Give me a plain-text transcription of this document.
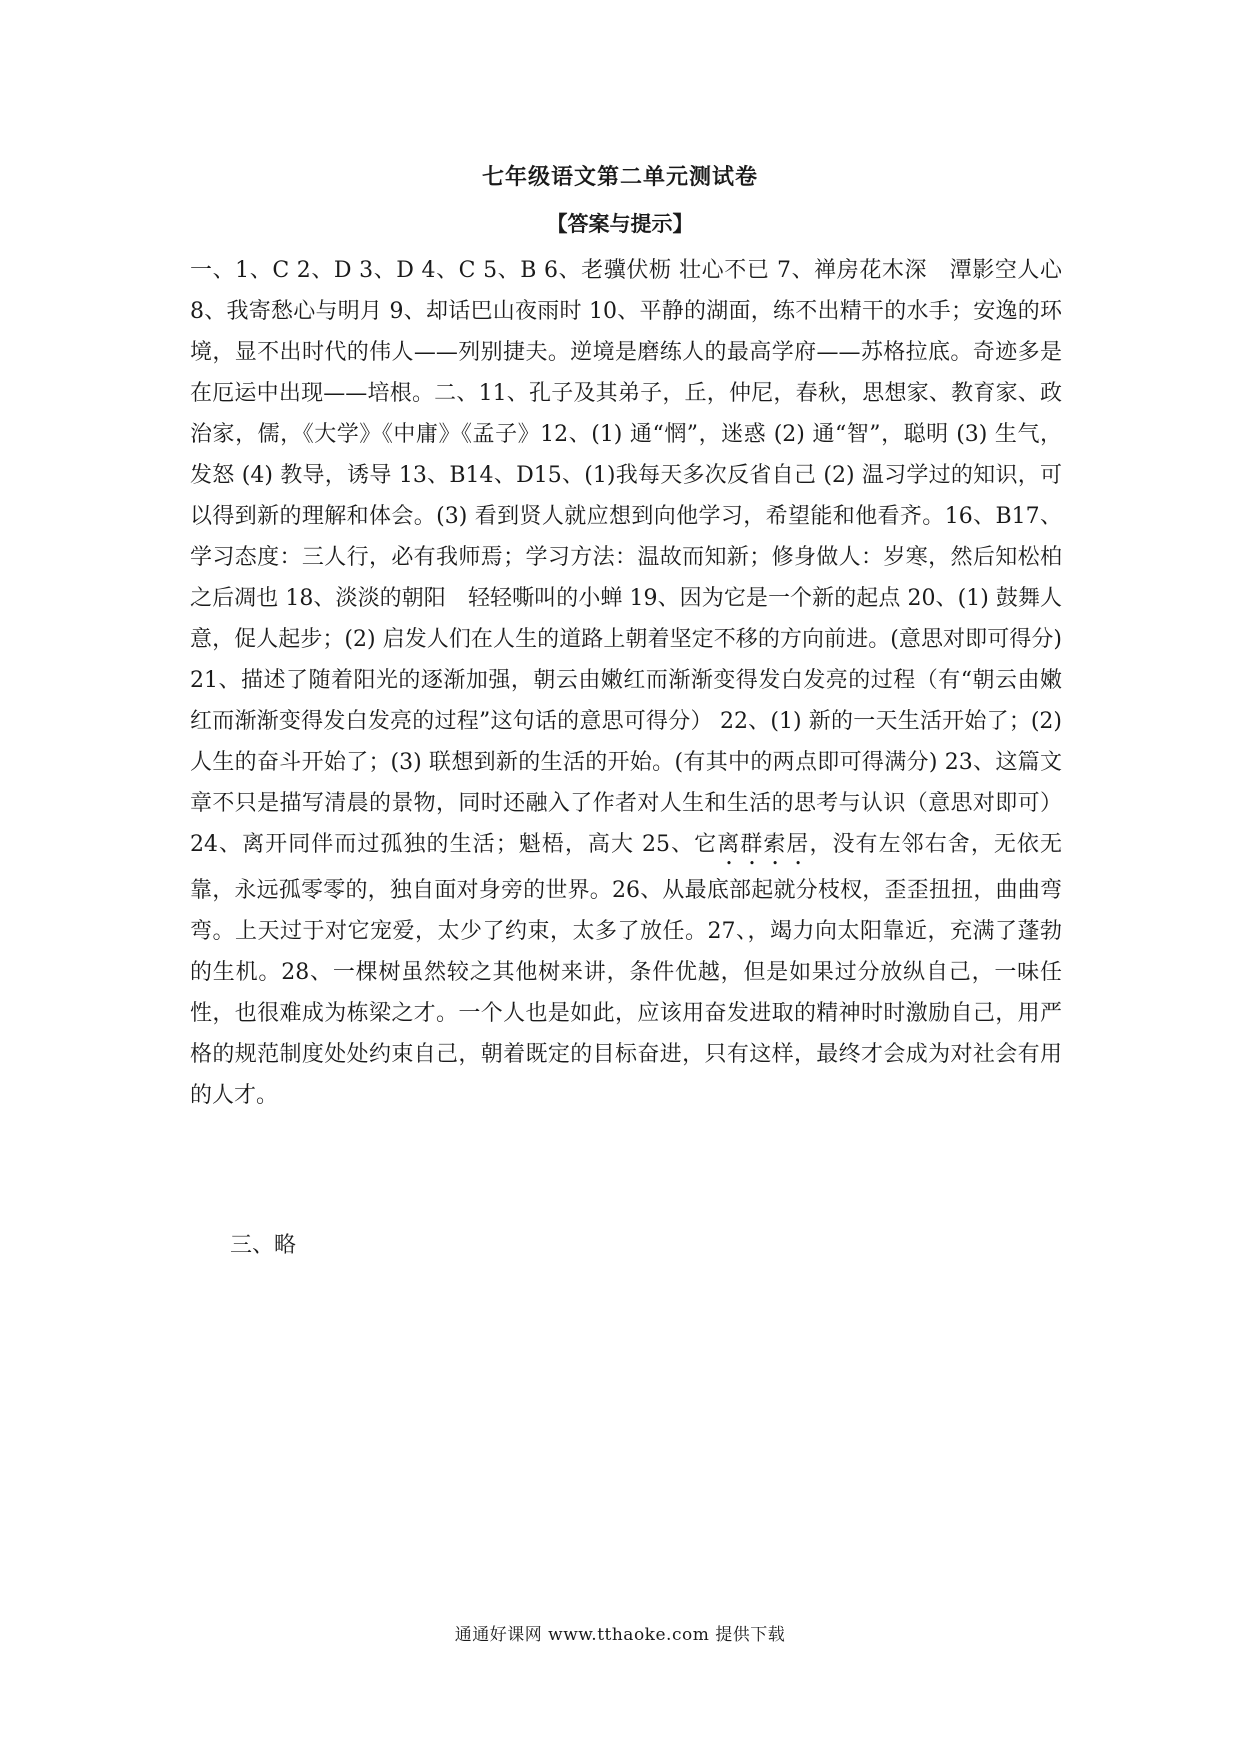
七年级语文第二单元测试卷
【答案与提示】

一、1、C 2、D 3、D 4、C 5、B 6、老骥伏枥 壮心不已 7、禅房花木深　潭影空人心 8、我寄愁心与明月 9、却话巴山夜雨时 10、平静的湖面，练不出精干的水手；安逸的环境，显不出时代的伟人——列别捷夫。逆境是磨练人的最高学府——苏格拉底。奇迹多是在厄运中出现——培根。二、11、孔子及其弟子，丘，仲尼，春秋，思想家、教育家、政治家，儒，《大学》《中庸》《孟子》12、(1) 通“惘”，迷惑 (2) 通“智”，聪明 (3) 生气，发怒 (4) 教导，诱导 13、B14、D15、(1)我每天多次反省自己 (2) 温习学过的知识，可以得到新的理解和体会。(3) 看到贤人就应想到向他学习，希望能和他看齐。16、B17、学习态度：三人行，必有我师焉；学习方法：温故而知新；修身做人：岁寒，然后知松柏之后凋也 18、淡淡的朝阳　轻轻嘶叫的小蝉 19、因为它是一个新的起点 20、(1) 鼓舞人意，促人起步；(2) 启发人们在人生的道路上朝着坚定不移的方向前进。(意思对即可得分) 21、描述了随着阳光的逐渐加强，朝云由嫩红而渐渐变得发白发亮的过程（有“朝云由嫩红而渐渐变得发白发亮的过程”这句话的意思可得分） 22、(1) 新的一天生活开始了；(2) 人生的奋斗开始了；(3) 联想到新的生活的开始。(有其中的两点即可得满分) 23、这篇文章不只是描写清晨的景物，同时还融入了作者对人生和生活的思考与认识（意思对即可）24、离开同伴而过孤独的生活；魁梧，高大 25、它离群索居，没有左邻右舍，无依无靠，永远孤零零的，独自面对身旁的世界。26、从最底部起就分枝杈，歪歪扭扭，曲曲弯弯。上天过于对它宠爱，太少了约束，太多了放任。27、，竭力向太阳靠近，充满了蓬勃的生机。28、一棵树虽然较之其他树来讲，条件优越，但是如果过分放纵自己，一味任性，也很难成为栋梁之才。一个人也是如此，应该用奋发进取的精神时时激励自己，用严格的规范制度处处约束自己，朝着既定的目标奋进，只有这样，最终才会成为对社会有用的人才。

三、略
通通好课网 www.tthaoke.com 提供下载
